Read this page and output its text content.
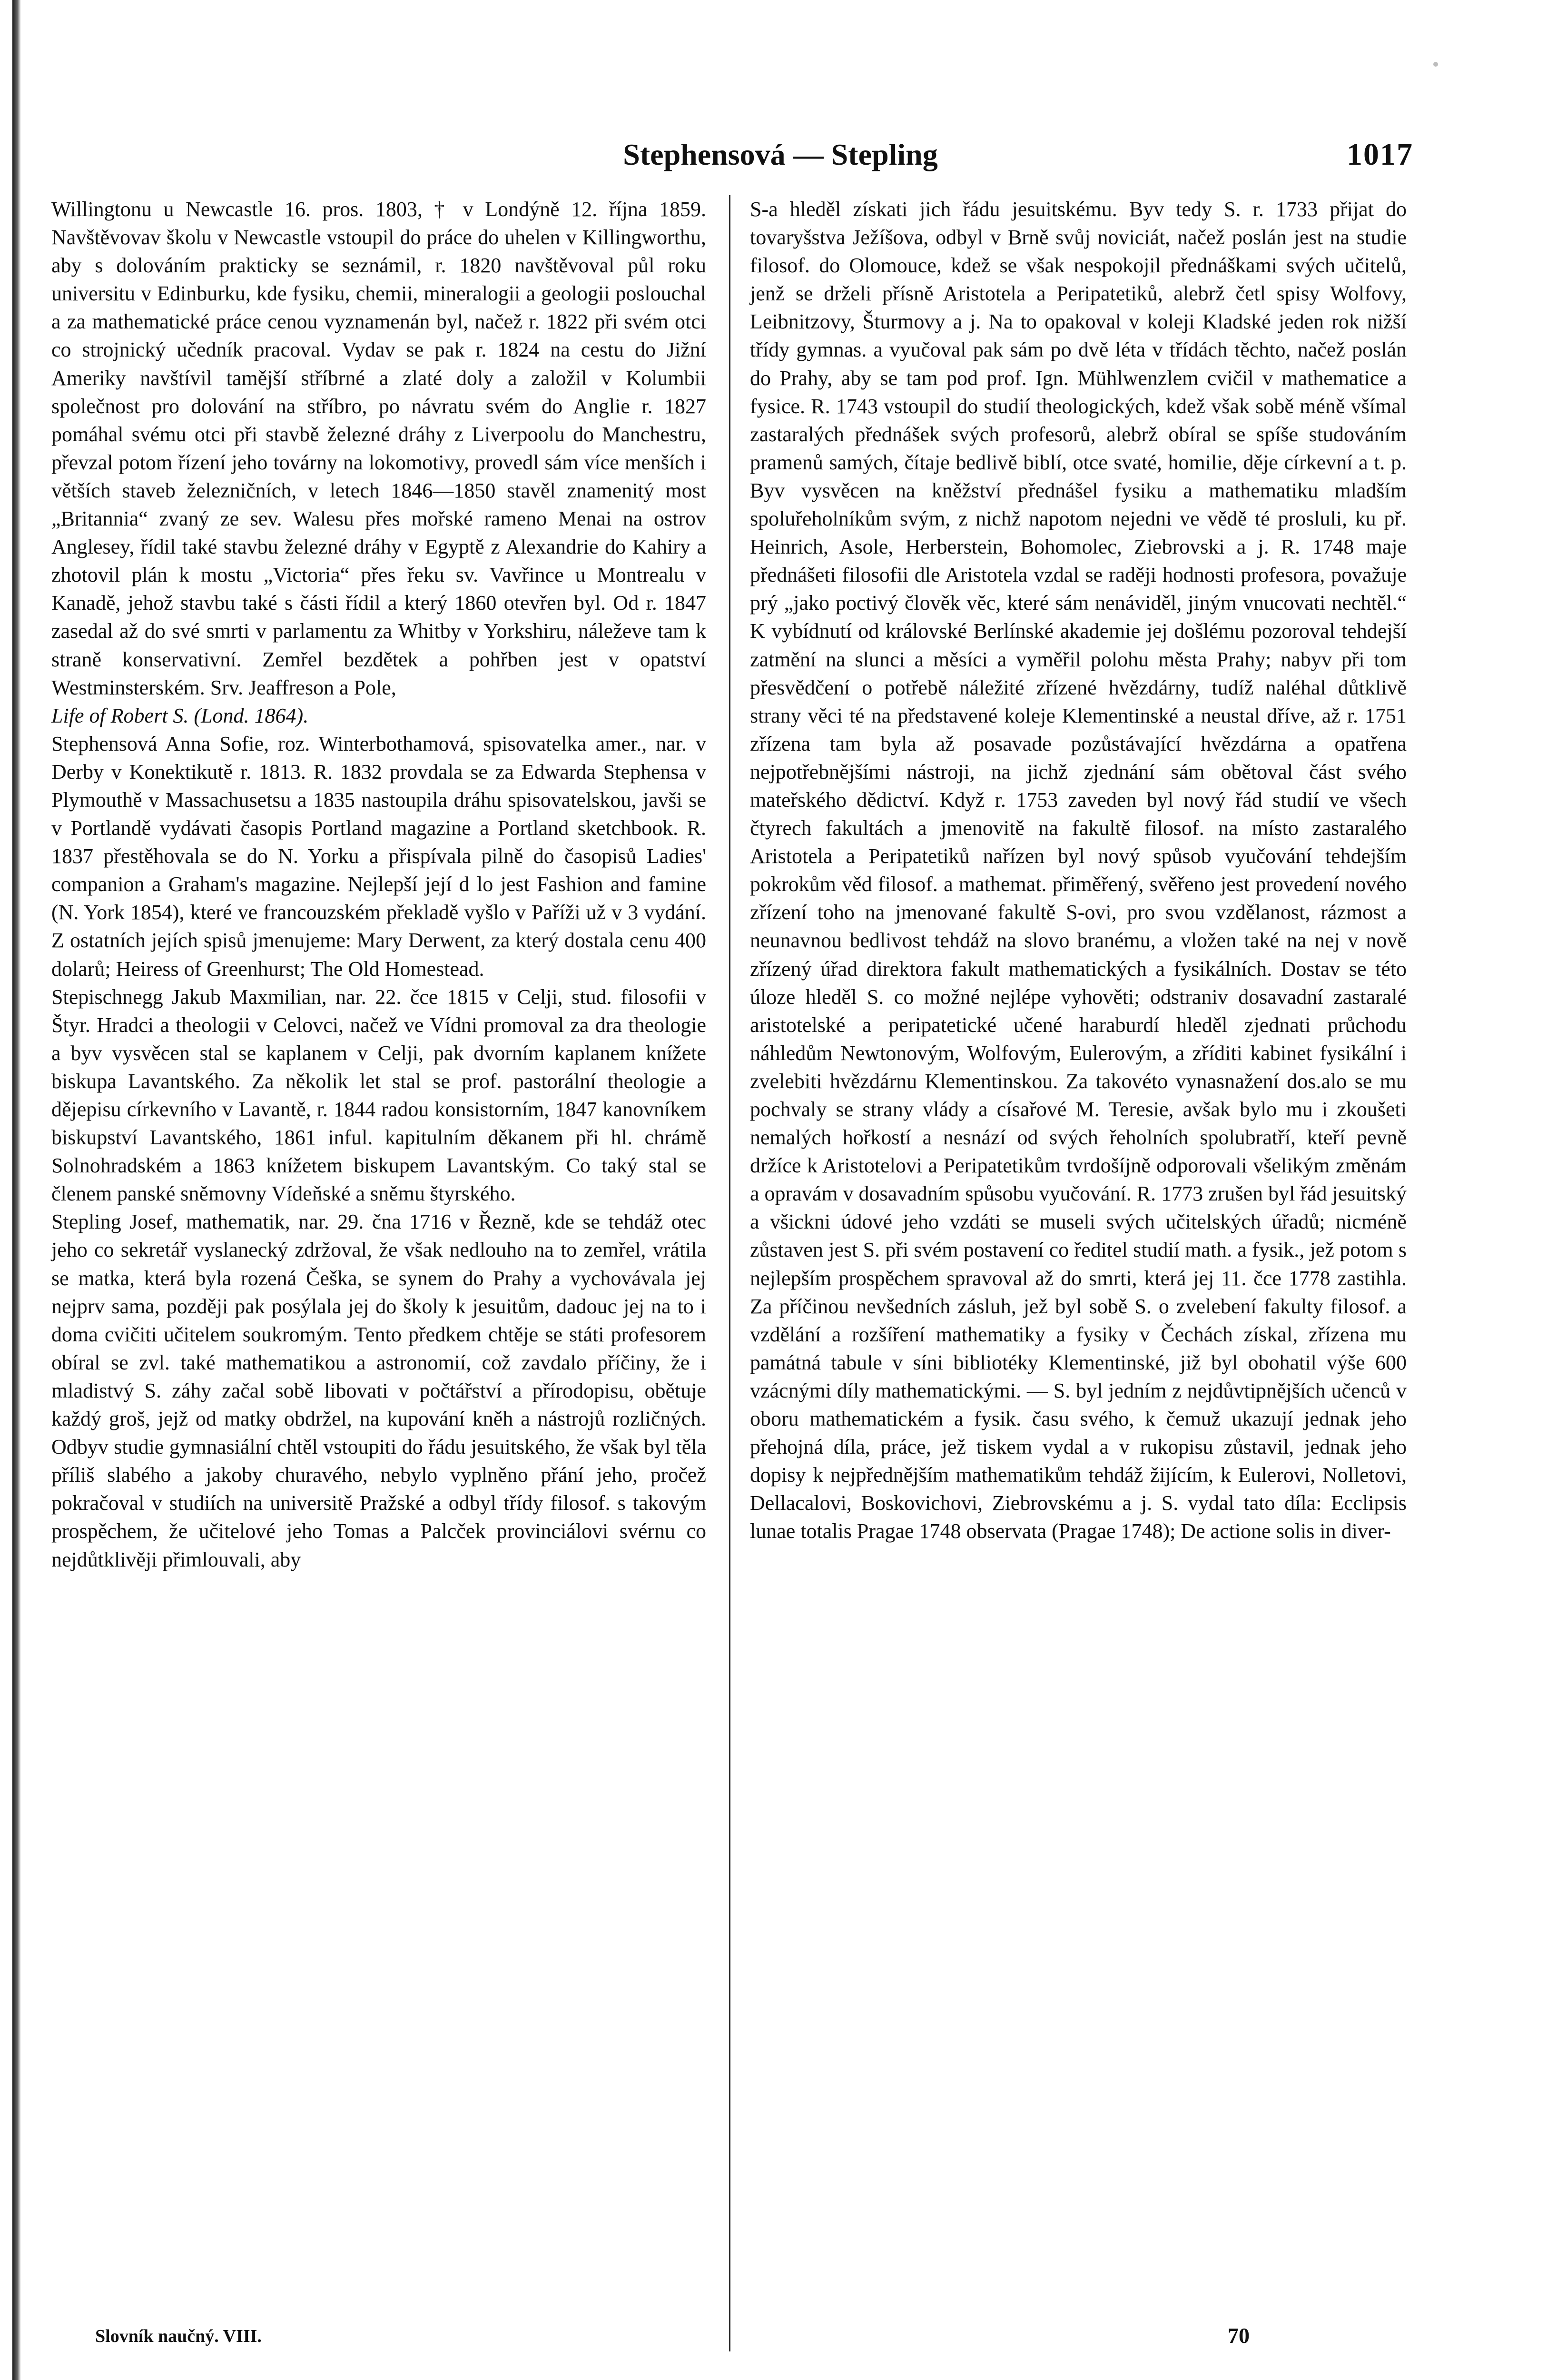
Stephensová — Stepling	1017

Willingtonu u Newcastle 16. pros. 1803, † v Londýně 12. října 1859. Navštěvovav školu v Newcastle vstoupil do práce do uhelen v Killingworthu, aby s dolováním prakticky se seznámil, r. 1820 navštěvoval půl roku universitu v Edinburku, kde fysiku, chemii, mineralogii a geologii poslouchal a za mathematické práce cenou vyznamenán byl, načež r. 1822 při svém otci co strojnický učedník pracoval. Vydav se pak r. 1824 na cestu do Jižní Ameriky navštívil tamější stříbrné a zlaté doly a založil v Kolumbii společnost pro dolování na stříbro, po návratu svém do Anglie r. 1827 pomáhal svému otci při stavbě železné dráhy z Liverpoolu do Manchestru, převzal potom řízení jeho továrny na lokomotivy, provedl sám více menších i větších staveb železničních, v letech 1846—1850 stavěl znamenitý most „Britannia“ zvaný ze sev. Walesu přes mořské rameno Menai na ostrov Anglesey, řídil také stavbu železné dráhy v Egyptě z Alexandrie do Kahiry a zhotovil plán k mostu „Victoria“ přes řeku sv. Vavřince u Montrealu v Kanadě, jehož stavbu také s části řídil a který 1860 otevřen byl. Od r. 1847 zasedal až do své smrti v parlamentu za Whitby v Yorkshiru, náleževe tam k straně konservativní. Zemřel bezdětek a pohřben jest v opatství Westminsterském. Srv. Jeaffreson a Pole,

Life of Robert S. (Lond. 1864).

Stephensová Anna Sofie, roz. Winterbothamová, spisovatelka amer., nar. v Derby v Konektikutě r. 1813. R. 1832 provdala se za Edwarda Stephensa v Plymouthě v Massachusetsu a 1835 nastoupila dráhu spisovatelskou, javši se v Portlandě vydávati časopis Portland magazine a Portland sketchbook. R. 1837 přestěhovala se do N. Yorku a přispívala pilně do časopisů Ladies' companion a Graham's magazine. Nejlepší její d lo jest Fashion and famine (N. York 1854), které ve francouzském překladě vyšlo v Paříži už v 3 vydání. Z ostatních jejích spisů jmenujeme: Mary Derwent, za který dostala cenu 400 dolarů; Heiress of Greenhurst; The Old Homestead.

Stepischnegg Jakub Maxmilian, nar. 22. čce 1815 v Celji, stud. filosofii v Štyr. Hradci a theologii v Celovci, načež ve Vídni promoval za dra theologie a byv vysvěcen stal se kaplanem v Celji, pak dvorním kaplanem knížete biskupa Lavantského. Za několik let stal se prof. pastorální theologie a dějepisu církevního v Lavantě, r. 1844 radou konsistorním, 1847 kanovníkem biskupství Lavantského, 1861 inful. kapitulním děkanem při hl. chrámě Solnohradském a 1863 knížetem biskupem Lavantským. Co taký stal se členem panské sněmovny Vídeňské a sněmu štyrského.

Stepling Josef, mathematik, nar. 29. čna 1716 v Řezně, kde se tehdáž otec jeho co sekretář vyslanecký zdržoval, že však nedlouho na to zemřel, vrátila se matka, která byla rozená Češka, se synem do Prahy a vychovávala jej nejprv sama, později pak posýlala jej do školy k jesuitům, dadouc jej na to i doma cvičiti učitelem soukromým. Tento předkem chtěje se státi profesorem obíral se zvl. také mathematikou a astronomií, což zavdalo příčiny, že i mladistvý S. záhy začal sobě libovati v počtářství a přírodopisu, obětuje každý groš, jejž od matky obdržel, na kupování kněh a nástrojů rozličných. Odbyv studie gymnasiální chtěl vstoupiti do řádu jesuitského, že však byl těla příliš slabého a jakoby churavého, nebylo vyplněno přání jeho, pročež pokračoval v studiích na universitě Pražské a odbyl třídy filosof. s takovým prospěchem, že učitelové jeho Tomas a Palcček provinciálovi svérnu co nejdůtklivěji přimlouvali, aby

S-a hleděl získati jich řádu jesuitskému. Byv tedy S. r. 1733 přijat do tovaryšstva Ježíšova, odbyl v Brně svůj noviciát, načež poslán jest na studie filosof. do Olomouce, kdež se však nespokojil přednáškami svých učitelů, jenž se drželi přísně Aristotela a Peripatetiků, alebrž četl spisy Wolfovy, Leibnitzovy, Šturmovy a j. Na to opakoval v koleji Kladské jeden rok nižší třídy gymnas. a vyučoval pak sám po dvě léta v třídách těchto, načež poslán do Prahy, aby se tam pod prof. Ign. Mühlwenzlem cvičil v mathematice a fysice. R. 1743 vstoupil do studií theologických, kdež však sobě méně všímal zastaralých přednášek svých profesorů, alebrž obíral se spíše studováním pramenů samých, čítaje bedlivě biblí, otce svaté, homilie, děje církevní a t. p. Byv vysvěcen na kněžství přednášel fysiku a mathematiku mladším spoluřeholníkům svým, z nichž napotom nejedni ve vědě té prosluli, ku př. Heinrich, Asole, Herberstein, Bohomolec, Ziebrovski a j. R. 1748 maje přednášeti filosofii dle Aristotela vzdal se raději hodnosti profesora, považuje prý „jako poctivý člověk věc, které sám nenáviděl, jiným vnucovati nechtěl.“ K vybídnutí od královské Berlínské akademie jej došlému pozoroval tehdejší zatmění na slunci a měsíci a vyměřil polohu města Prahy; nabyv při tom přesvědčení o potřebě náležité zřízené hvězdárny, tudíž naléhal důtklivě strany věci té na představené koleje Klementinské a neustal dříve, až r. 1751 zřízena tam byla až posavade pozůstávající hvězdárna a opatřena nejpotřebnějšími nástroji, na jichž zjednání sám obětoval část svého mateřského dědictví. Když r. 1753 zaveden byl nový řád studií ve všech čtyrech fakultách a jmenovitě na fakultě filosof. na místo zastaralého Aristotela a Peripatetiků nařízen byl nový spůsob vyučování tehdejším pokrokům věd filosof. a mathemat. přiměřený, svěřeno jest provedení nového zřízení toho na jmenované fakultě S-ovi, pro svou vzdělanost, rázmost a neunavnou bedlivost tehdáž na slovo branému, a vložen také na nej v nově zřízený úřad direktora fakult mathematických a fysikálních. Dostav se této úloze hleděl S. co možné nejlépe vyhověti; odstraniv dosavadní zastaralé aristotelské a peripatetické učené haraburdí hleděl zjednati průchodu náhledům Newtonovým, Wolfovým, Eulerovým, a zříditi kabinet fysikální i zvelebiti hvězdárnu Klementinskou. Za takovéto vynasnažení dos.alo se mu pochvaly se strany vlády a císařové M. Teresie, avšak bylo mu i zkoušeti nemalých hořkostí a nesnází od svých řeholních spolubratří, kteří pevně držíce k Aristotelovi a Peripatetikům tvrdošíjně odporovali všelikým změnám a opravám v dosavadním spůsobu vyučování. R. 1773 zrušen byl řád jesuitský a všickni údové jeho vzdáti se museli svých učitelských úřadů; nicméně zůstaven jest S. při svém postavení co ředitel studií math. a fysik., jež potom s nejlepším prospěchem spravoval až do smrti, která jej 11. čce 1778 zastihla. Za příčinou nevšedních zásluh, jež byl sobě S. o zvelebení fakulty filosof. a vzdělání a rozšíření mathematiky a fysiky v Čechách získal, zřízena mu památná tabule v síni bibliotéky Klementinské, již byl obohatil výše 600 vzácnými díly mathematickými. — S. byl jedním z nejdůvtipnějších učenců v oboru mathematickém a fysik. času svého, k čemuž ukazují jednak jeho přehojná díla, práce, jež tiskem vydal a v rukopisu zůstavil, jednak jeho dopisy k nejpřednějším mathematikům tehdáž žijícím, k Eulerovi, Nolletovi, Dellacalovi, Boskovichovi, Ziebrovskému a j. S. vydal tato díla: Ecclipsis lunae totalis Pragae 1748 observata (Pragae 1748); De actione solis in diver-

Slovník naučný. VIII.	70
